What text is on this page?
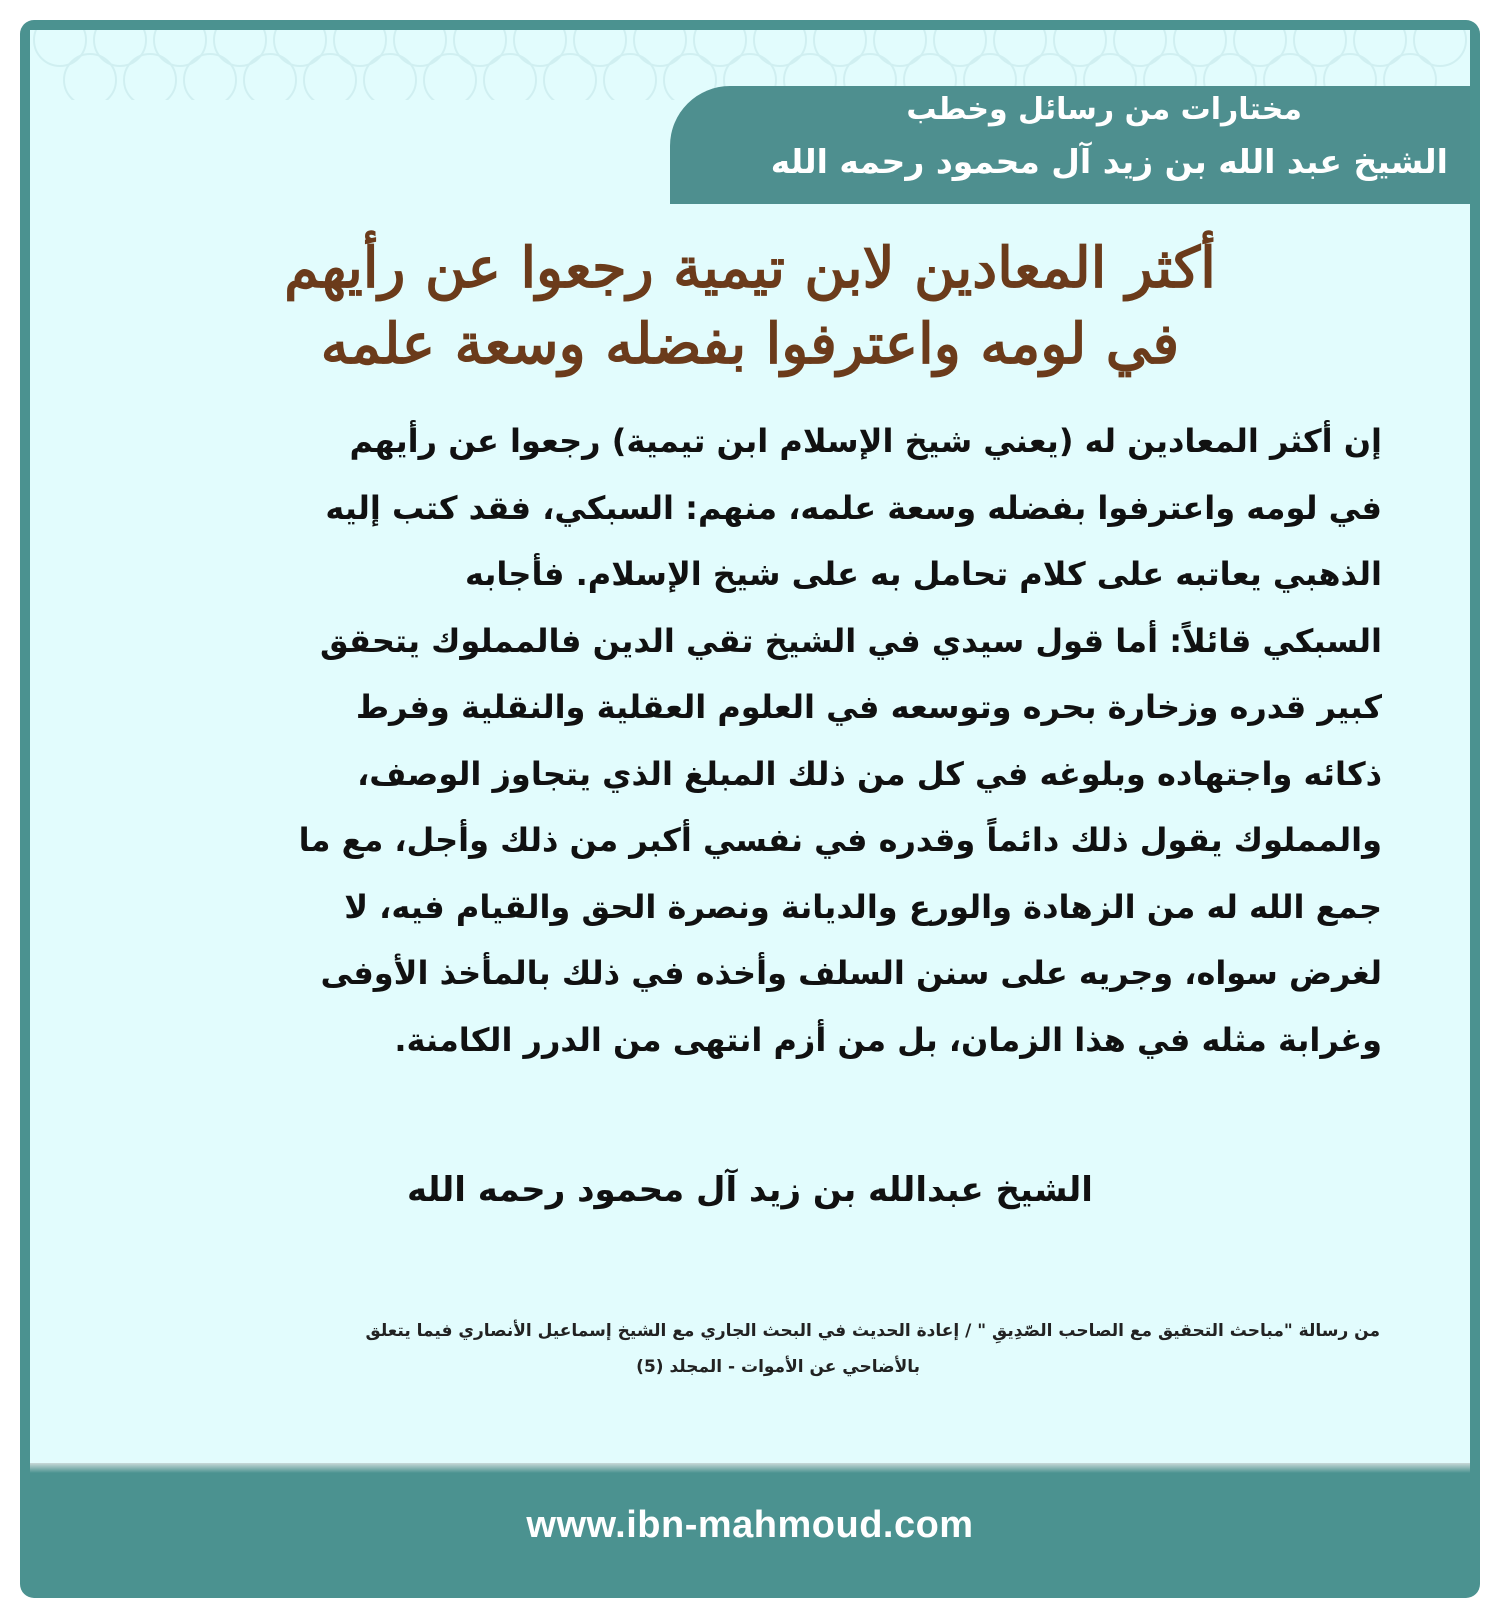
مختارات من رسائل وخطب
الشيخ عبد الله بن زيد آل محمود رحمه الله
أكثر المعادين لابن تيمية رجعوا عن رأيهم
في لومه واعترفوا بفضله وسعة علمه
إن أكثر المعادين له (يعني شيخ الإسلام ابن تيمية) رجعوا عن رأيهم
في لومه واعترفوا بفضله وسعة علمه، منهم: السبكي، فقد كتب إليه
الذهبي يعاتبه على كلام تحامل به على شيخ الإسلام. فأجابه
السبكي قائلاً: أما قول سيدي في الشيخ تقي الدين فالمملوك يتحقق
كبير قدره وزخارة بحره وتوسعه في العلوم العقلية والنقلية وفرط
ذكائه واجتهاده وبلوغه في كل من ذلك المبلغ الذي يتجاوز الوصف،
والمملوك يقول ذلك دائماً وقدره في نفسي أكبر من ذلك وأجل، مع ما
جمع الله له من الزهادة والورع والديانة ونصرة الحق والقيام فيه، لا
لغرض سواه، وجريه على سنن السلف وأخذه في ذلك بالمأخذ الأوفى
وغرابة مثله في هذا الزمان، بل من أزم انتهى من الدرر الكامنة.
الشيخ عبدالله بن زيد آل محمود رحمه الله
من رسالة "مباحث التحقيق مع الصاحب الصّدِيقِ " / إعادة الحديث في البحث الجاري مع الشيخ إسماعيل الأنصاري فيما يتعلق
بالأضاحي عن الأموات - المجلد (5)
www.ibn-mahmoud.com
